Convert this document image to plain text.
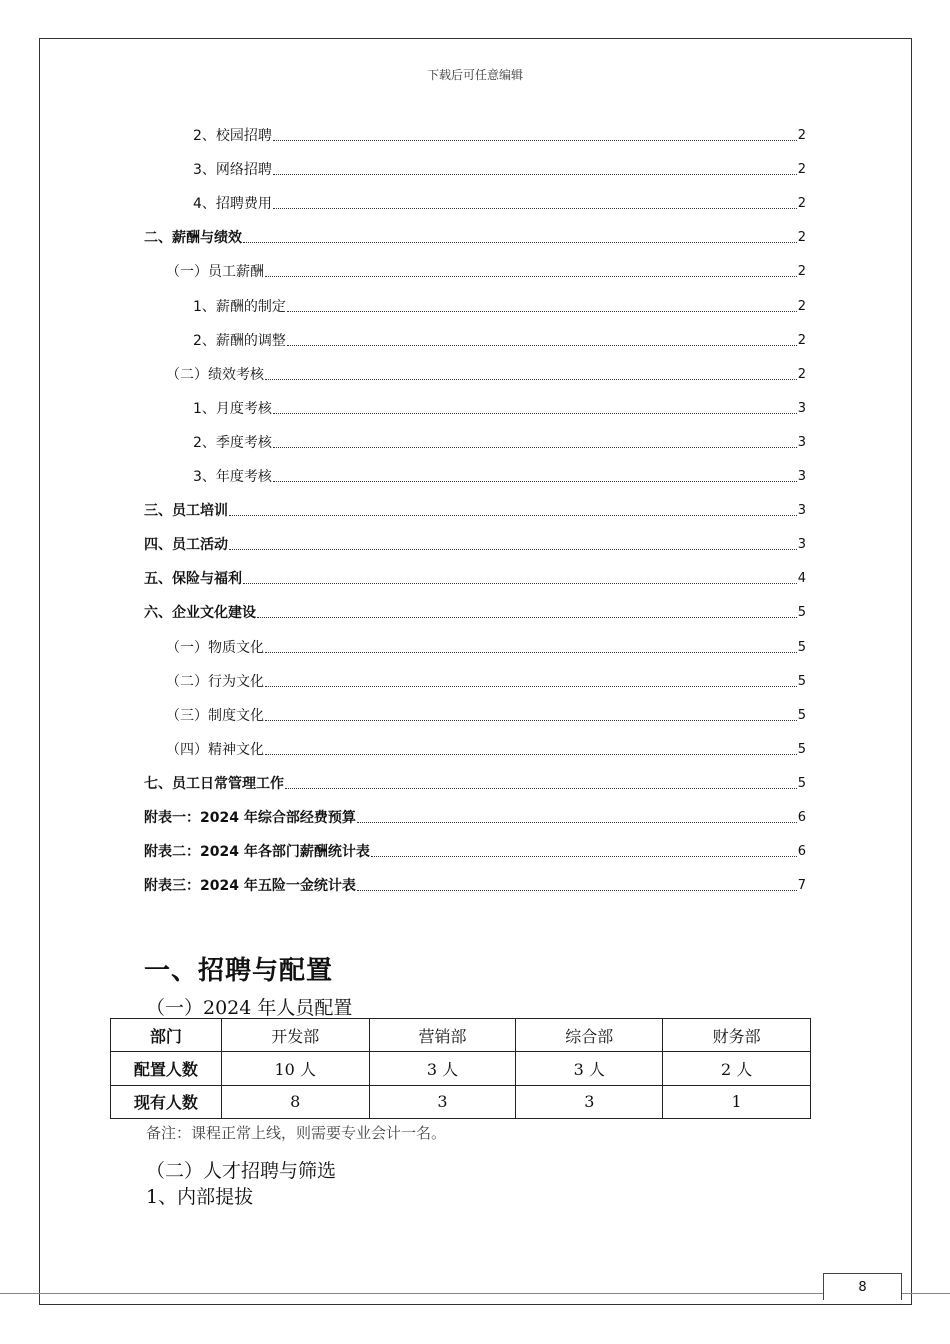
下载后可任意编辑
2、校园招聘	2
3、网络招聘	2
4、招聘费用	2
二、薪酬与绩效	2
（一）员工薪酬	2
1、薪酬的制定	2
2、薪酬的调整	2
（二）绩效考核	2
1、月度考核	3
2、季度考核	3
3、年度考核	3
三、员工培训	3
四、员工活动	3
五、保险与福利	4
六、企业文化建设	5
（一）物质文化	5
（二）行为文化	5
（三）制度文化	5
（四）精神文化	5
七、员工日常管理工作	5
附表一：2024 年综合部经费预算	6
附表二：2024 年各部门薪酬统计表	6
附表三：2024 年五险一金统计表	7
一、招聘与配置
（一）2024 年人员配置
部门	开发部	营销部	综合部	财务部
配置人数	10 人	3 人	3 人	2 人
现有人数	8	3	3	1
备注：课程正常上线，则需要专业会计一名。
（二）人才招聘与筛选
1、内部提拔
8
